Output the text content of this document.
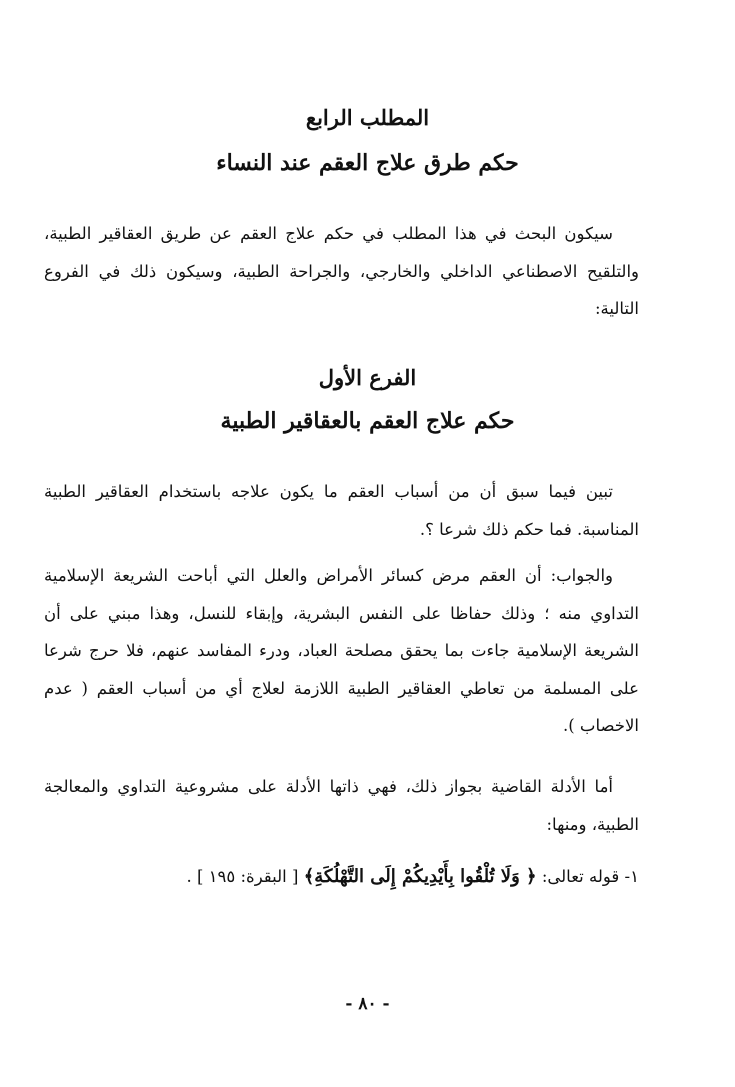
المطلب الرابع
حكم طرق علاج العقم عند النساء

سيكون البحث في هذا المطلب في حكم علاج العقم عن طريق العقاقير الطبية، والتلقيح الاصطناعي الداخلي والخارجي، والجراحة الطبية، وسيكون ذلك في الفروع التالية:

الفرع الأول
حكم علاج العقم بالعقاقير الطبية

تبين فيما سبق أن من أسباب العقم ما يكون علاجه باستخدام العقاقير الطبية المناسبة. فما حكم ذلك شرعا ؟.

والجواب: أن العقم مرض كسائر الأمراض والعلل التي أباحت الشريعة الإسلامية التداوي منه ؛ وذلك حفاظا على النفس البشرية، وإبقاء للنسل، وهذا مبني على أن الشريعة الإسلامية جاءت بما يحقق مصلحة العباد، ودرء المفاسد عنهم، فلا حرج شرعا على المسلمة من تعاطي العقاقير الطبية اللازمة لعلاج أي من أسباب العقم ( عدم الاخصاب ).

أما الأدلة القاضية بجواز ذلك، فهي ذاتها الأدلة على مشروعية التداوي والمعالجة الطبية، ومنها:

١- قوله تعالى: ﴿ وَلَا تُلْقُوا بِأَيْدِيكُمْ إِلَى التَّهْلُكَةِ﴾ [ البقرة: ١٩٥ ] .
- ٨٠ -
